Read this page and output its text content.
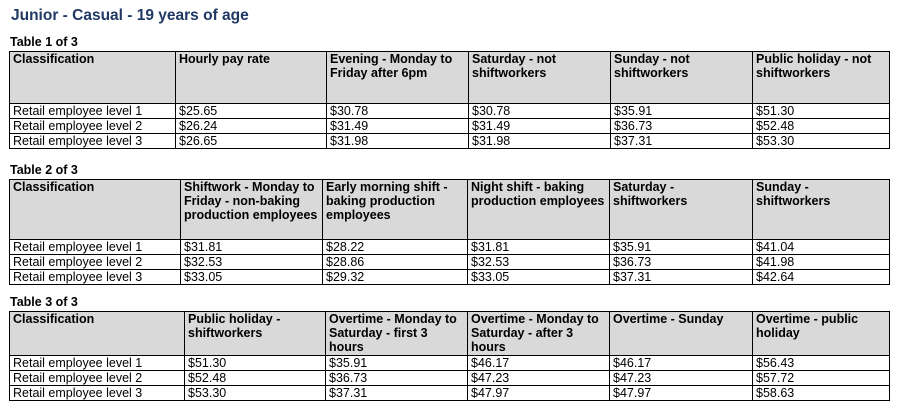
Junior - Casual - 19 years of age
Table 1 of 3
Classification	Hourly pay rate	Evening - Monday to Friday after 6pm	Saturday - not shiftworkers	Sunday - not shiftworkers	Public holiday - not shiftworkers
Retail employee level 1	$25.65	$30.78	$30.78	$35.91	$51.30
Retail employee level 2	$26.24	$31.49	$31.49	$36.73	$52.48
Retail employee level 3	$26.65	$31.98	$31.98	$37.31	$53.30
Table 2 of 3
Classification	Shiftwork - Monday to Friday - non-baking production employees	Early morning shift - baking production employees	Night shift - baking production employees	Saturday - shiftworkers	Sunday - shiftworkers
Retail employee level 1	$31.81	$28.22	$31.81	$35.91	$41.04
Retail employee level 2	$32.53	$28.86	$32.53	$36.73	$41.98
Retail employee level 3	$33.05	$29.32	$33.05	$37.31	$42.64
Table 3 of 3
Classification	Public holiday - shiftworkers	Overtime - Monday to Saturday - first 3 hours	Overtime - Monday to Saturday - after 3 hours	Overtime - Sunday	Overtime - public holiday
Retail employee level 1	$51.30	$35.91	$46.17	$46.17	$56.43
Retail employee level 2	$52.48	$36.73	$47.23	$47.23	$57.72
Retail employee level 3	$53.30	$37.31	$47.97	$47.97	$58.63
